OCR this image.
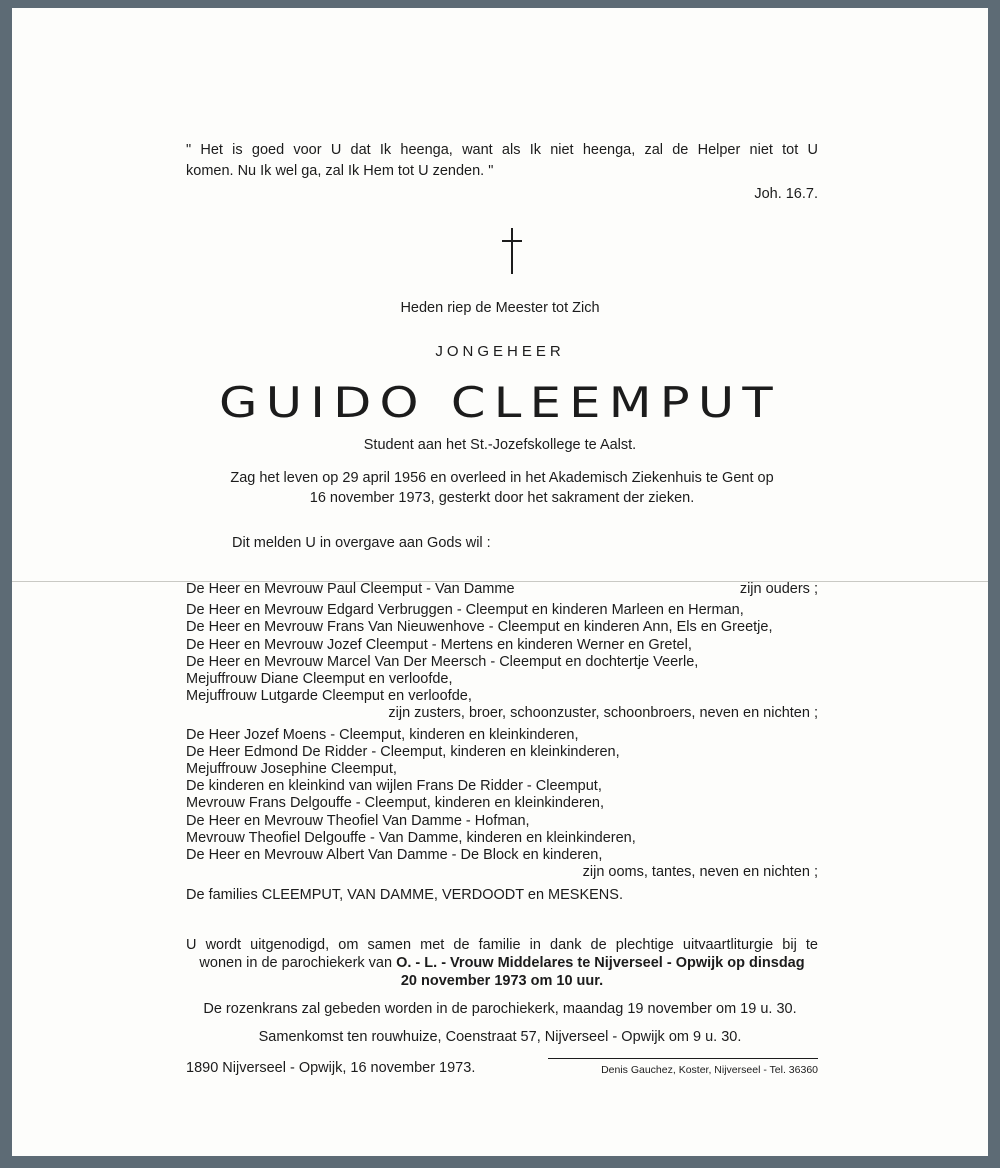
" Het is goed voor U dat Ik heenga, want als Ik niet heenga, zal de Helper niet tot U
komen. Nu Ik wel ga, zal Ik Hem tot U zenden. "
Joh. 16.7.
Heden riep de Meester tot Zich
JONGEHEER
GUIDO CLEEMPUT
Student aan het St.-Jozefskollege te Aalst.
Zag het leven op 29 april 1956 en overleed in het Akademisch Ziekenhuis te Gent op
16 november 1973, gesterkt door het sakrament der zieken.
Dit melden U in overgave aan Gods wil :
De Heer en Mevrouw Paul Cleemput - Van Damme	zijn ouders ;
De Heer en Mevrouw Edgard Verbruggen - Cleemput en kinderen Marleen en Herman,
De Heer en Mevrouw Frans Van Nieuwenhove - Cleemput en kinderen Ann, Els en Greetje,
De Heer en Mevrouw Jozef Cleemput - Mertens en kinderen Werner en Gretel,
De Heer en Mevrouw Marcel Van Der Meersch - Cleemput en dochtertje Veerle,
Mejuffrouw Diane Cleemput en verloofde,
Mejuffrouw Lutgarde Cleemput en verloofde,
zijn zusters, broer, schoonzuster, schoonbroers, neven en nichten ;
De Heer Jozef Moens - Cleemput, kinderen en kleinkinderen,
De Heer Edmond De Ridder - Cleemput, kinderen en kleinkinderen,
Mejuffrouw Josephine Cleemput,
De kinderen en kleinkind van wijlen Frans De Ridder - Cleemput,
Mevrouw Frans Delgouffe - Cleemput, kinderen en kleinkinderen,
De Heer en Mevrouw Theofiel Van Damme - Hofman,
Mevrouw Theofiel Delgouffe - Van Damme, kinderen en kleinkinderen,
De Heer en Mevrouw Albert Van Damme - De Block en kinderen,
zijn ooms, tantes, neven en nichten ;
De families CLEEMPUT, VAN DAMME, VERDOODT en MESKENS.
U wordt uitgenodigd, om samen met de familie in dank de plechtige uitvaartliturgie bij te
wonen in de parochiekerk van O. - L. - Vrouw Middelares te Nijverseel - Opwijk op dinsdag
20 november 1973 om 10 uur.
De rozenkrans zal gebeden worden in de parochiekerk, maandag 19 november om 19 u. 30.
Samenkomst ten rouwhuize, Coenstraat 57, Nijverseel - Opwijk om 9 u. 30.
1890 Nijverseel - Opwijk, 16 november 1973.	Denis Gauchez, Koster, Nijverseel - Tel. 36360
